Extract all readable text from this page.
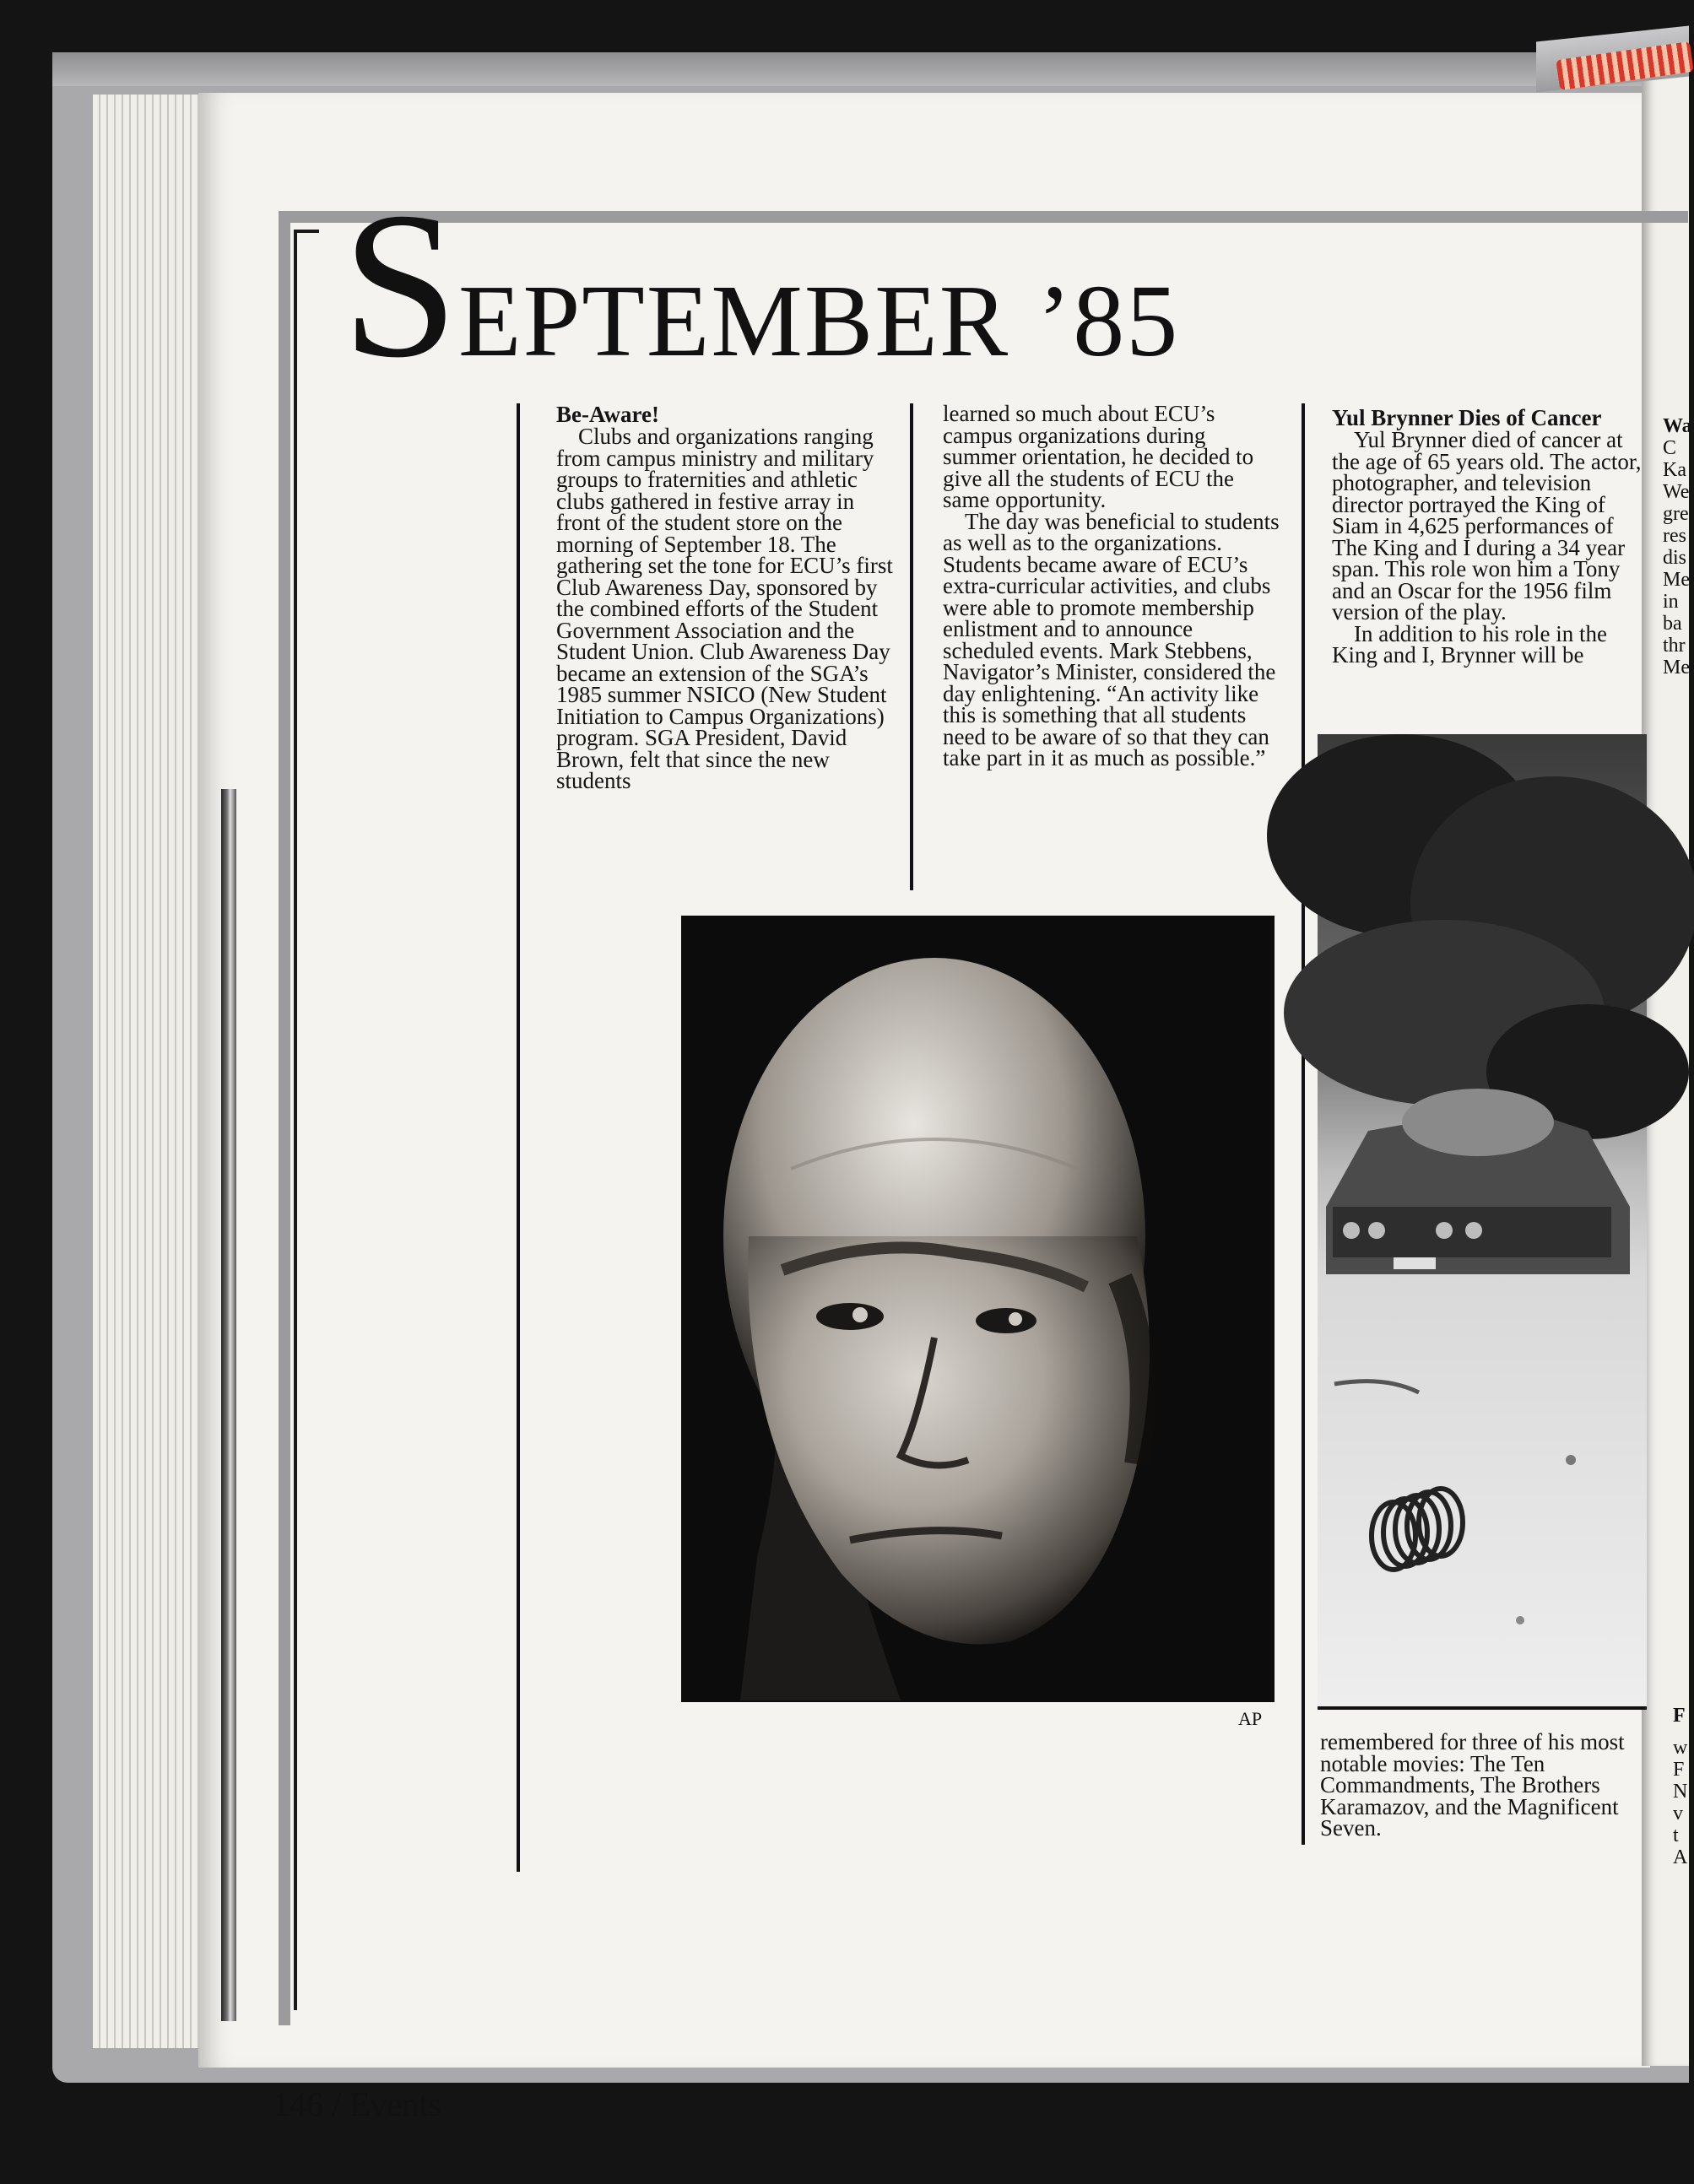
SEPTEMBER ’85
Be-Aware!

Clubs and organizations ranging from campus ministry and military groups to fraternities and athletic clubs gathered in festive array in front of the student store on the morning of September 18. The gathering set the tone for ECU’s first Club Awareness Day, sponsored by the combined efforts of the Student Government Association and the Student Union. Club Awareness Day became an extension of the SGA’s 1985 summer NSICO (New Student Initiation to Campus Organizations) program. SGA President, David Brown, felt that since the new students

learned so much about ECU’s campus organizations during summer orientation, he decided to give all the students of ECU the same opportunity.

The day was beneficial to students as well as to the organizations. Students became aware of ECU’s extra-curricular activities, and clubs were able to promote membership enlistment and to announce scheduled events. Mark Stebbens, Navigator’s Minister, considered the day enlightening. “An activity like this is something that all students need to be aware of so that they can take part in it as much as possible.”

Yul Brynner Dies of Cancer

Yul Brynner died of cancer at the age of 65 years old. The actor, photographer, and television director portrayed the King of Siam in 4,625 performances of The King and I during a 34 year span. This role won him a Tony and an Oscar for the 1956 film version of the play.

In addition to his role in the King and I, Brynner will be

remembered for three of his most notable movies: The Ten Commandments, The Brothers Karamazov, and the Magnificent Seven.

AP
Wa
C
Ka
We
gre
res
dis
Me
in
ba
thr
Me
F
w
F
N
v
t
A
146 / Events
